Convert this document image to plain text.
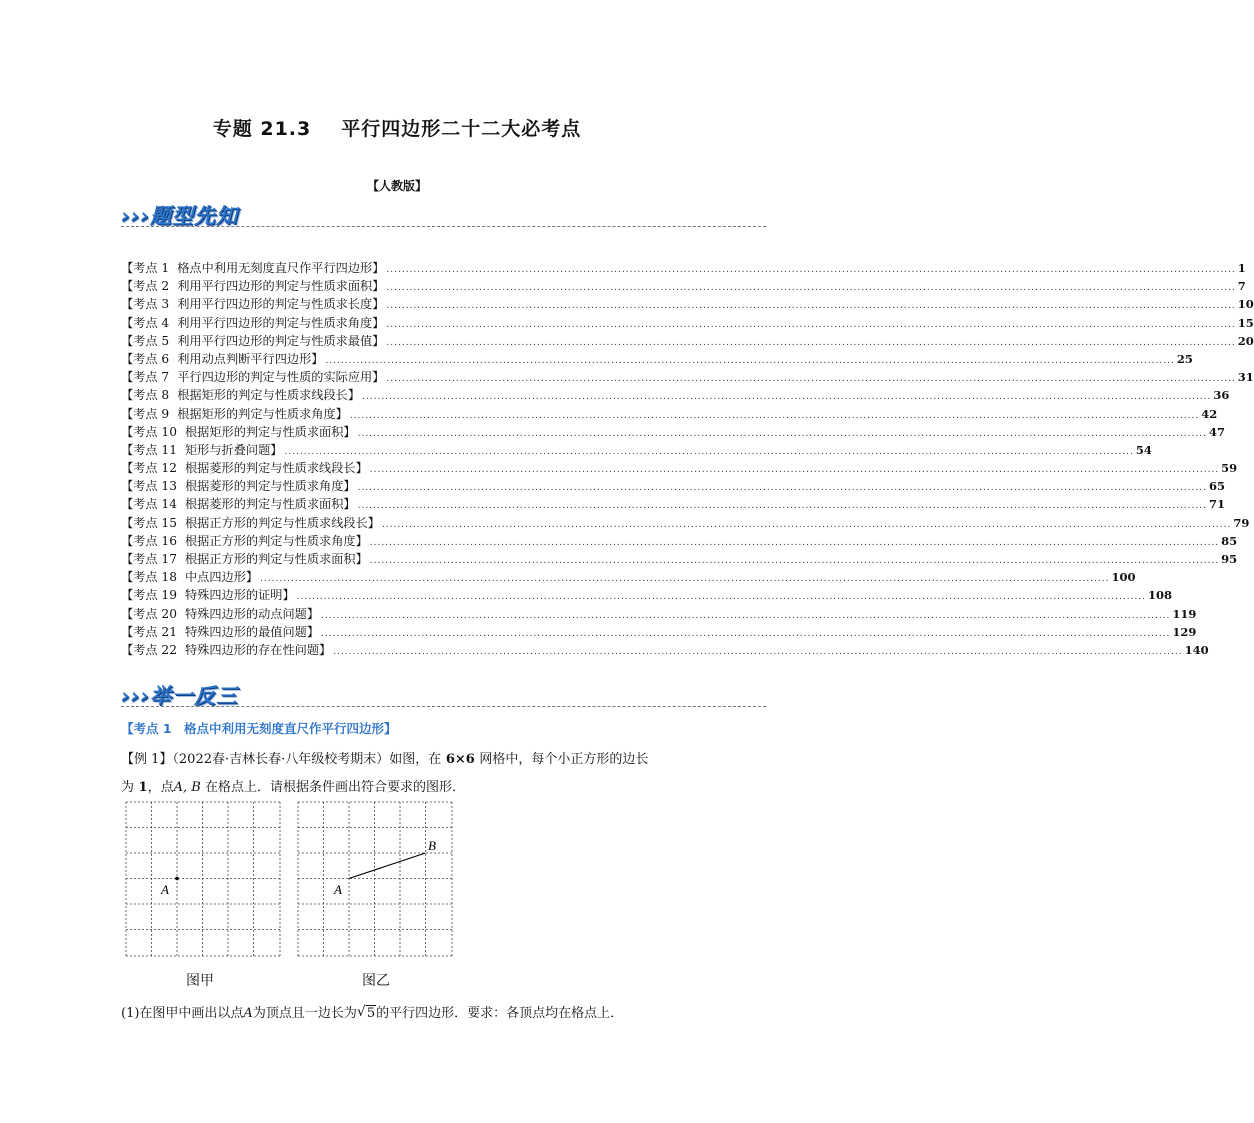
专题 21.3 平行四边形二十二大必考点
【人教版】
›››题型先知
【考点 1 格点中利用无刻度直尺作平行四边形】 ............................................................................................................................................................................................................................ 1
【考点 2 利用平行四边形的判定与性质求面积】 ............................................................................................................................................................................................................................ 7
【考点 3 利用平行四边形的判定与性质求长度】 ............................................................................................................................................................................................................................ 10
【考点 4 利用平行四边形的判定与性质求角度】 ............................................................................................................................................................................................................................ 15
【考点 5 利用平行四边形的判定与性质求最值】 ............................................................................................................................................................................................................................ 20
【考点 6 利用动点判断平行四边形】 ............................................................................................................................................................................................................................ 25
【考点 7 平行四边形的判定与性质的实际应用】 ............................................................................................................................................................................................................................ 31
【考点 8 根据矩形的判定与性质求线段长】 ............................................................................................................................................................................................................................ 36
【考点 9 根据矩形的判定与性质求角度】 ............................................................................................................................................................................................................................ 42
【考点 10 根据矩形的判定与性质求面积】 ............................................................................................................................................................................................................................ 47
【考点 11 矩形与折叠问题】 ............................................................................................................................................................................................................................ 54
【考点 12 根据菱形的判定与性质求线段长】 ............................................................................................................................................................................................................................ 59
【考点 13 根据菱形的判定与性质求角度】 ............................................................................................................................................................................................................................ 65
【考点 14 根据菱形的判定与性质求面积】 ............................................................................................................................................................................................................................ 71
【考点 15 根据正方形的判定与性质求线段长】 ............................................................................................................................................................................................................................ 79
【考点 16 根据正方形的判定与性质求角度】 ............................................................................................................................................................................................................................ 85
【考点 17 根据正方形的判定与性质求面积】 ............................................................................................................................................................................................................................ 95
【考点 18 中点四边形】 ............................................................................................................................................................................................................................ 100
【考点 19 特殊四边形的证明】 ............................................................................................................................................................................................................................ 108
【考点 20 特殊四边形的动点问题】 ............................................................................................................................................................................................................................ 119
【考点 21 特殊四边形的最值问题】 ............................................................................................................................................................................................................................ 129
【考点 22 特殊四边形的存在性问题】 ............................................................................................................................................................................................................................ 140
›››举一反三
【考点 1　格点中利用无刻度直尺作平行四边形】
【例 1】（2022春·吉林长春·八年级校考期末）如图，在 6×6 网格中，每个小正方形的边长
为 1，点A, B 在格点上．请根据条件画出符合要求的图形．
A
图甲
A
B
图乙
(1)在图甲中画出以点A为顶点且一边长为 √ 5的平行四边形．要求：各顶点均在格点上．
